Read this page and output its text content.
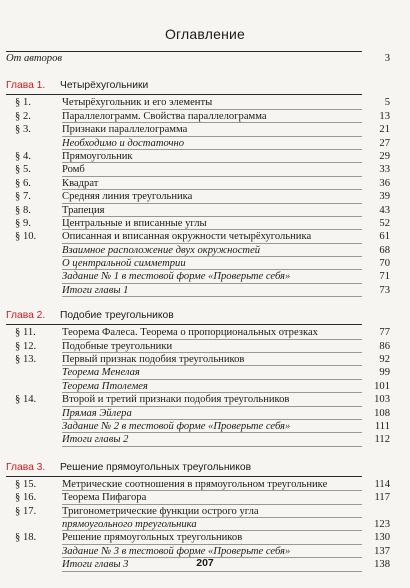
Оглавление
От авторов	3
Глава 1. Четырёхугольники
§ 1.	Четырёхугольник и его элементы	5
§ 2.	Параллелограмм. Свойства параллелограмма	13
§ 3.	Признаки параллелограмма	21
Необходимо и достаточно	27
§ 4.	Прямоугольник	29
§ 5.	Ромб	33
§ 6.	Квадрат	36
§ 7.	Средняя линия треугольника	39
§ 8.	Трапеция	43
§ 9.	Центральные и вписанные углы	52
§ 10. Описанная и вписанная окружности четырёхугольника	61
Взаимное расположение двух окружностей	68
О центральной симметрии	70
Задание № 1 в тестовой форме «Проверьте себя»	71
Итоги главы 1	73
Глава 2. Подобие треугольников
§ 11. Теорема Фалеса. Теорема о пропорциональных отрезках	77
§ 12. Подобные треугольники	86
§ 13. Первый признак подобия треугольников	92
Теорема Менелая	99
Теорема Птолемея	101
§ 14. Второй и третий признаки подобия треугольников	103
Прямая Эйлера	108
Задание № 2 в тестовой форме «Проверьте себя»	111
Итоги главы 2	112
Глава 3. Решение прямоугольных треугольников
§ 15. Метрические соотношения в прямоугольном треугольнике	114
§ 16. Теорема Пифагора	117
§ 17. Тригонометрические функции острого угла
прямоугольного треугольника	123
§ 18. Решение прямоугольных треугольников	130
Задание № 3 в тестовой форме «Проверьте себя»	137
Итоги главы 3	138
207
